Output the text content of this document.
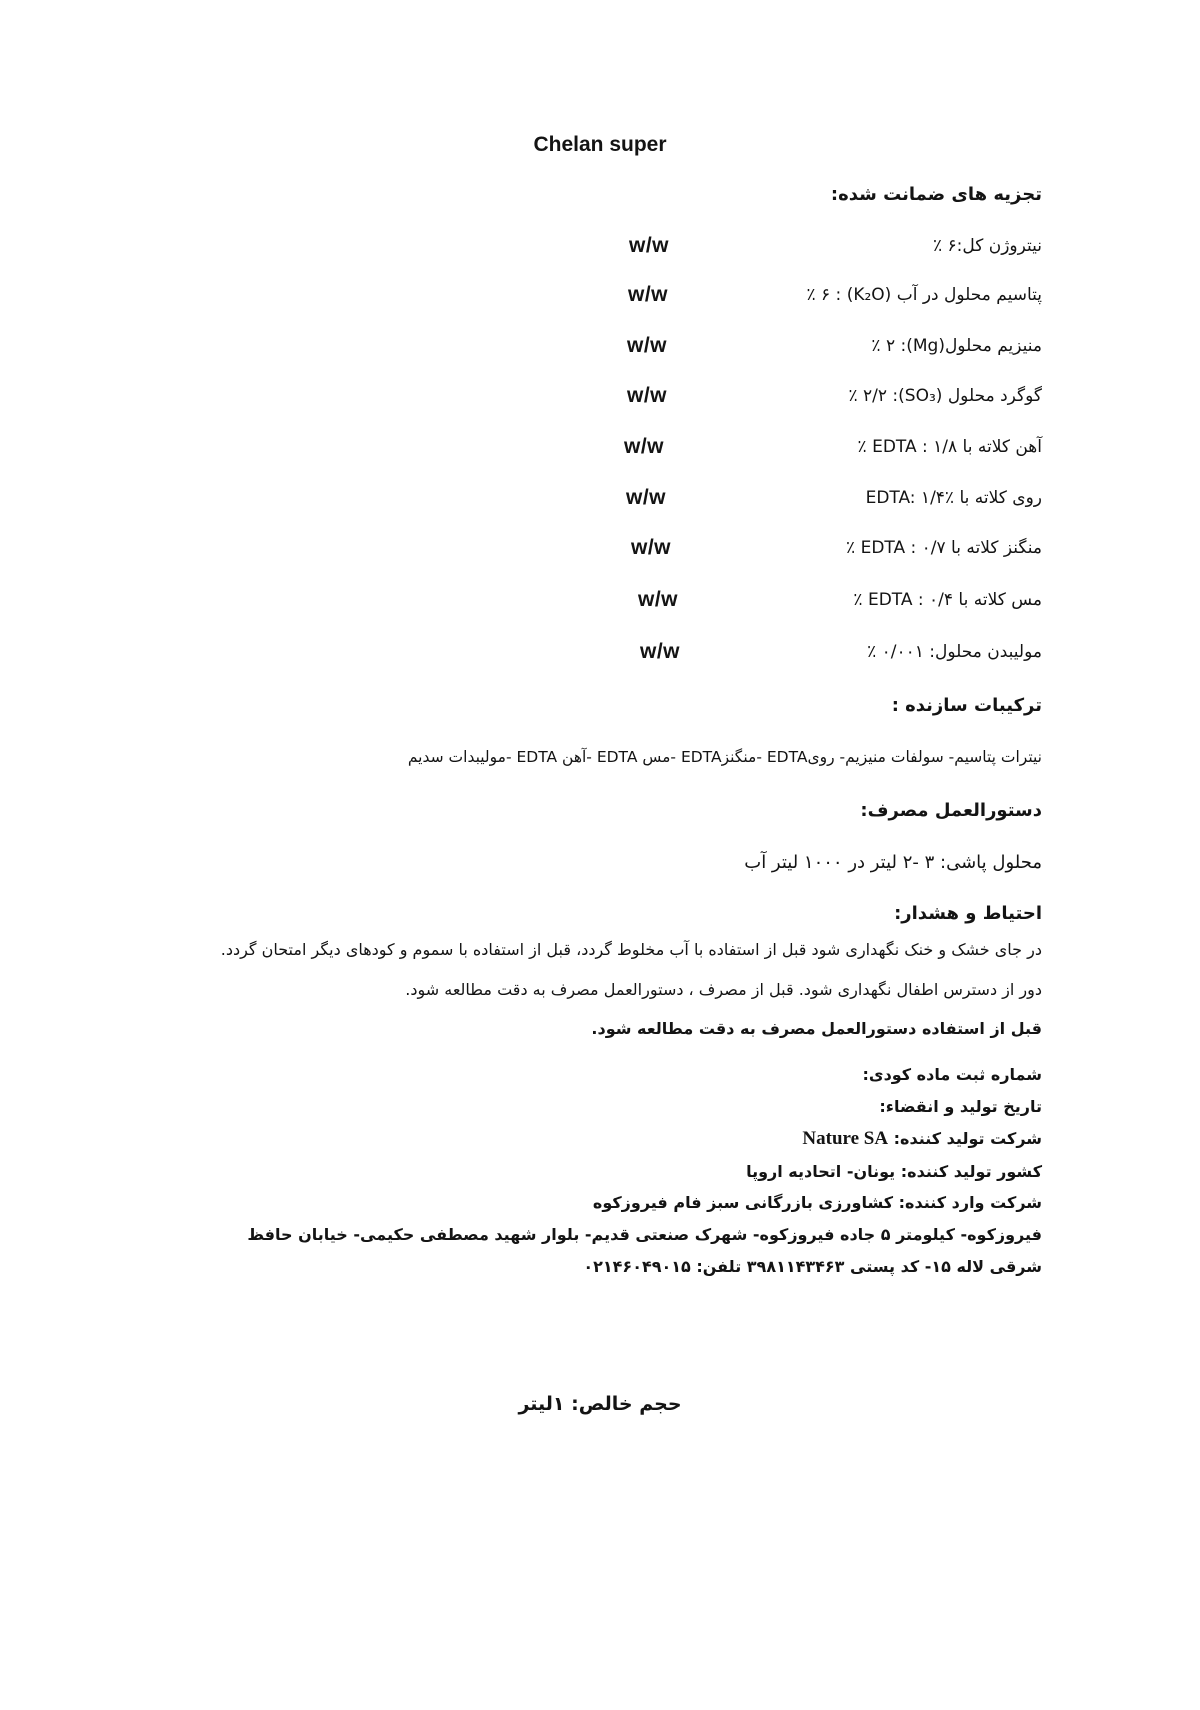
Chelan super
تجزیه های ضمانت شده:
نیتروژن کل:۶ ٪
w/w
پتاسیم محلول در آب (K₂O) : ۶ ٪
w/w
منیزیم محلول(Mg): ۲ ٪
w/w
گوگرد محلول (SO₃): ۲/۲ ٪
w/w
آهن کلاته با EDTA : ۱/۸ ٪
w/w
روی کلاته با EDTA: ۱/۴٪
w/w
منگنز کلاته با EDTA : ۰/۷ ٪
w/w
مس کلاته با EDTA : ۰/۴ ٪
w/w
مولیبدن محلول: ۰/۰۰۱ ٪
w/w
ترکیبات سازنده :
نیترات پتاسیم- سولفات منیزیم- رویEDTA -منگنزEDTA -مس EDTA -آهن EDTA -مولیبدات سدیم
دستورالعمل مصرف:
محلول پاشی: ۳ -۲ لیتر در ۱۰۰۰ لیتر آب
احتیاط و هشدار:
در جای خشک و خنک نگهداری شود قبل از استفاده با آب مخلوط گردد، قبل از استفاده با سموم و کودهای دیگر امتحان گردد.
دور از دسترس اطفال نگهداری شود. قبل از مصرف ، دستورالعمل مصرف به دقت مطالعه شود.
قبل از استفاده دستورالعمل مصرف به دقت مطالعه شود.
شماره ثبت ماده کودی:
تاریخ تولید و انقضاء:
شرکت تولید کننده: Nature SA
کشور تولید کننده: یونان- اتحادیه اروپا
شرکت وارد کننده: کشاورزی بازرگانی سبز فام فیروزکوه
فیروزکوه- کیلومتر ۵ جاده فیروزکوه- شهرک صنعتی قدیم- بلوار شهید مصطفی حکیمی- خیابان حافظ
شرقی لاله ۱۵- کد پستی ۳۹۸۱۱۴۳۴۶۳ تلفن: ۰۲۱۴۶۰۴۹۰۱۵
حجم خالص: ۱لیتر
